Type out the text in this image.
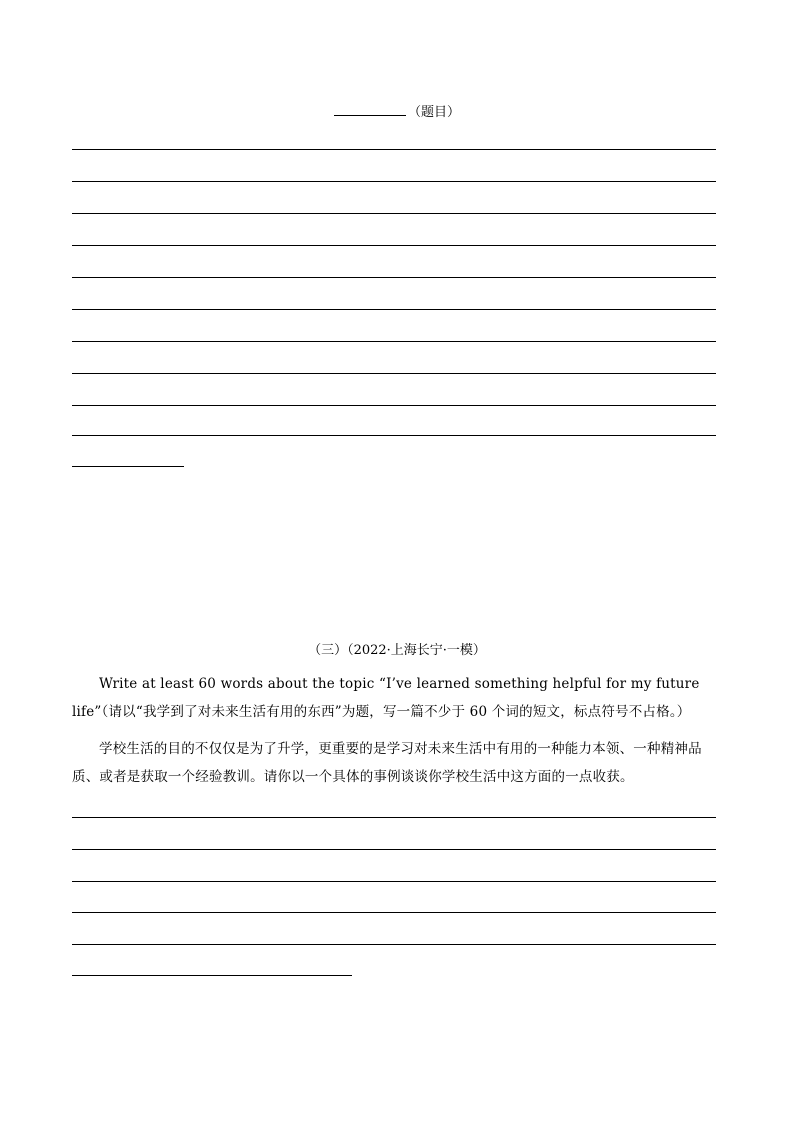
（题目）
（三）（2022·上海长宁·一模）
Write at least 60 words about the topic “I’ve learned something helpful for my future life”（请以“我学到了对未来生活有用的东西”为题，写一篇不少于 60 个词的短文，标点符号不占格。）
学校生活的目的不仅仅是为了升学，更重要的是学习对未来生活中有用的一种能力本领、一种精神品质、或者是获取一个经验教训。请你以一个具体的事例谈谈你学校生活中这方面的一点收获。
